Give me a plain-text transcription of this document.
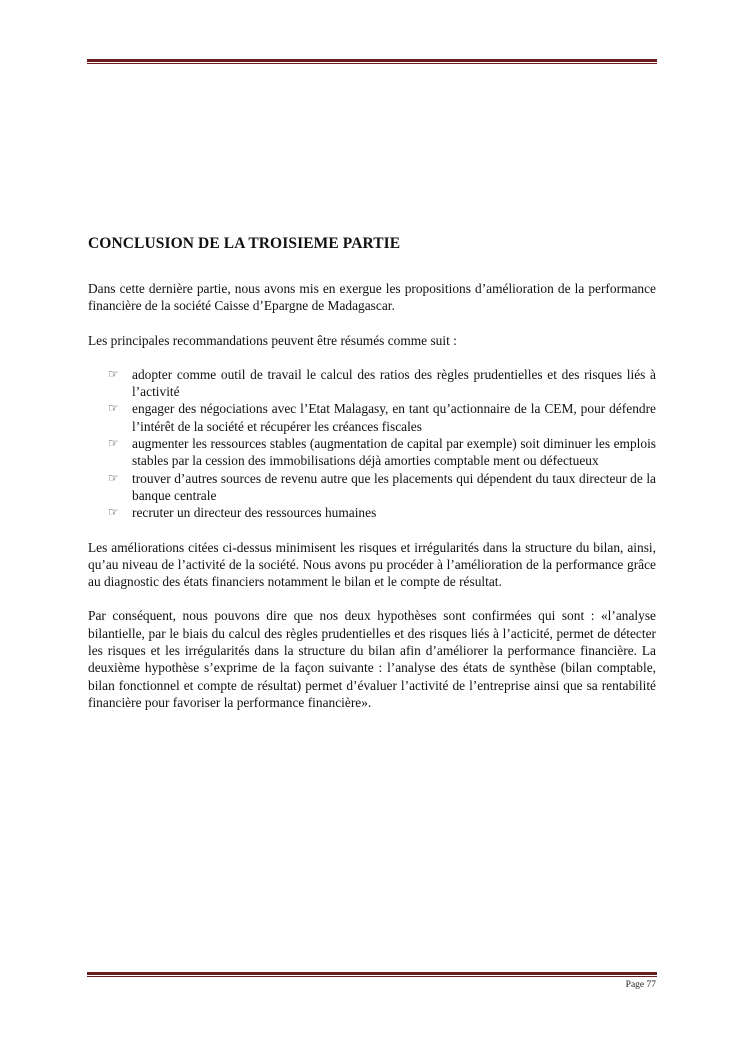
CONCLUSION DE LA TROISIEME PARTIE

Dans cette dernière partie, nous avons mis en exergue les propositions d’amélioration de la performance financière de la société Caisse d’Epargne de Madagascar.

Les principales recommandations peuvent être résumés comme suit :

☞ adopter comme outil de travail le calcul des ratios des règles prudentielles et des risques liés à l’activité
☞ engager des négociations avec l’Etat Malagasy, en tant qu’actionnaire de la CEM, pour défendre l’intérêt de la société et récupérer les créances fiscales
☞ augmenter les ressources stables (augmentation de capital par exemple) soit diminuer les emplois stables par la cession des immobilisations déjà amorties comptable ment ou défectueux
☞ trouver d’autres sources de revenu autre que les placements qui dépendent du taux directeur de la banque centrale
☞ recruter un directeur des ressources humaines

Les améliorations citées ci-dessus minimisent les risques et irrégularités dans la structure du bilan, ainsi, qu’au niveau de l’activité de la société. Nous avons pu procéder à l’amélioration de la performance grâce au diagnostic des états financiers notamment le bilan et le compte de résultat.

Par conséquent, nous pouvons dire que nos deux hypothèses sont confirmées qui sont : «l’analyse bilantielle, par le biais du calcul des règles prudentielles et des risques liés à l’acticité, permet de détecter les risques et les irrégularités dans la structure du bilan afin d’améliorer la performance financière. La deuxième hypothèse s’exprime de la façon suivante : l’analyse des états de synthèse (bilan comptable, bilan fonctionnel et compte de résultat) permet d’évaluer l’activité de l’entreprise ainsi que sa rentabilité financière pour favoriser la performance financière».

Page 77
